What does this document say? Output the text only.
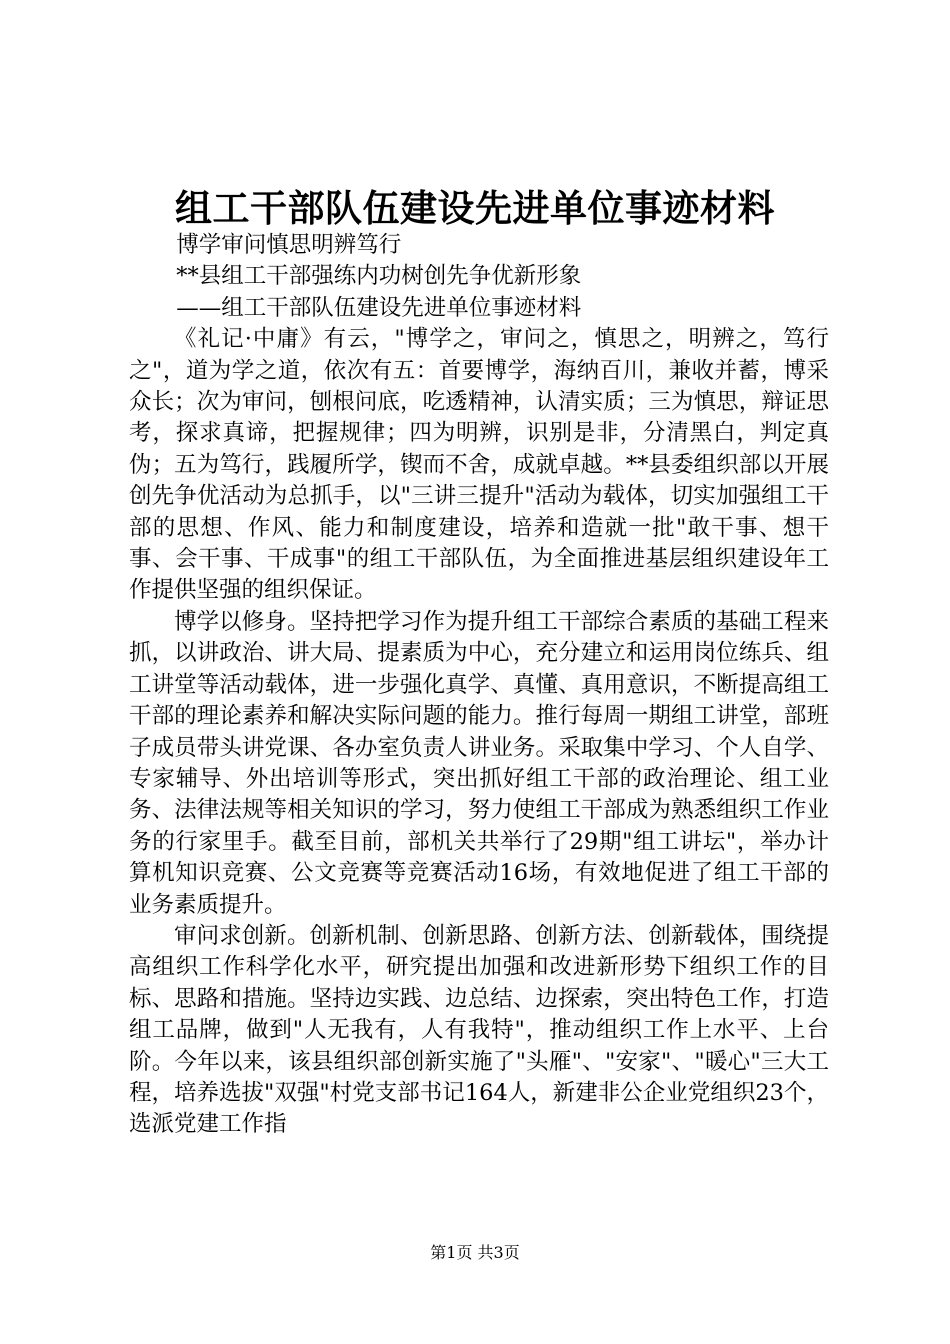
组工干部队伍建设先进单位事迹材料

博学审问慎思明辨笃行

**县组工干部强练内功树创先争优新形象

——组工干部队伍建设先进单位事迹材料

《礼记·中庸》有云，"博学之，审问之，慎思之，明辨之，笃行之"，道为学之道，依次有五：首要博学，海纳百川，兼收并蓄，博采众长；次为审问，刨根问底，吃透精神，认清实质；三为慎思，辩证思考，探求真谛，把握规律；四为明辨，识别是非，分清黑白，判定真伪；五为笃行，践履所学，锲而不舍，成就卓越。**县委组织部以开展创先争优活动为总抓手，以"三讲三提升"活动为载体，切实加强组工干部的思想、作风、能力和制度建设，培养和造就一批"敢干事、想干事、会干事、干成事"的组工干部队伍，为全面推进基层组织建设年工作提供坚强的组织保证。

博学以修身。坚持把学习作为提升组工干部综合素质的基础工程来抓，以讲政治、讲大局、提素质为中心，充分建立和运用岗位练兵、组工讲堂等活动载体，进一步强化真学、真懂、真用意识，不断提高组工干部的理论素养和解决实际问题的能力。推行每周一期组工讲堂，部班子成员带头讲党课、各办室负责人讲业务。采取集中学习、个人自学、专家辅导、外出培训等形式，突出抓好组工干部的政治理论、组工业务、法律法规等相关知识的学习，努力使组工干部成为熟悉组织工作业务的行家里手。截至目前，部机关共举行了29期"组工讲坛"，举办计算机知识竞赛、公文竞赛等竞赛活动16场，有效地促进了组工干部的业务素质提升。

审问求创新。创新机制、创新思路、创新方法、创新载体，围绕提高组织工作科学化水平，研究提出加强和改进新形势下组织工作的目标、思路和措施。坚持边实践、边总结、边探索，突出特色工作，打造组工品牌，做到"人无我有，人有我特"，推动组织工作上水平、上台阶。今年以来，该县组织部创新实施了"头雁"、"安家"、"暖心"三大工程，培养选拔"双强"村党支部书记164人，新建非公企业党组织23个，选派党建工作指

第1页 共3页
